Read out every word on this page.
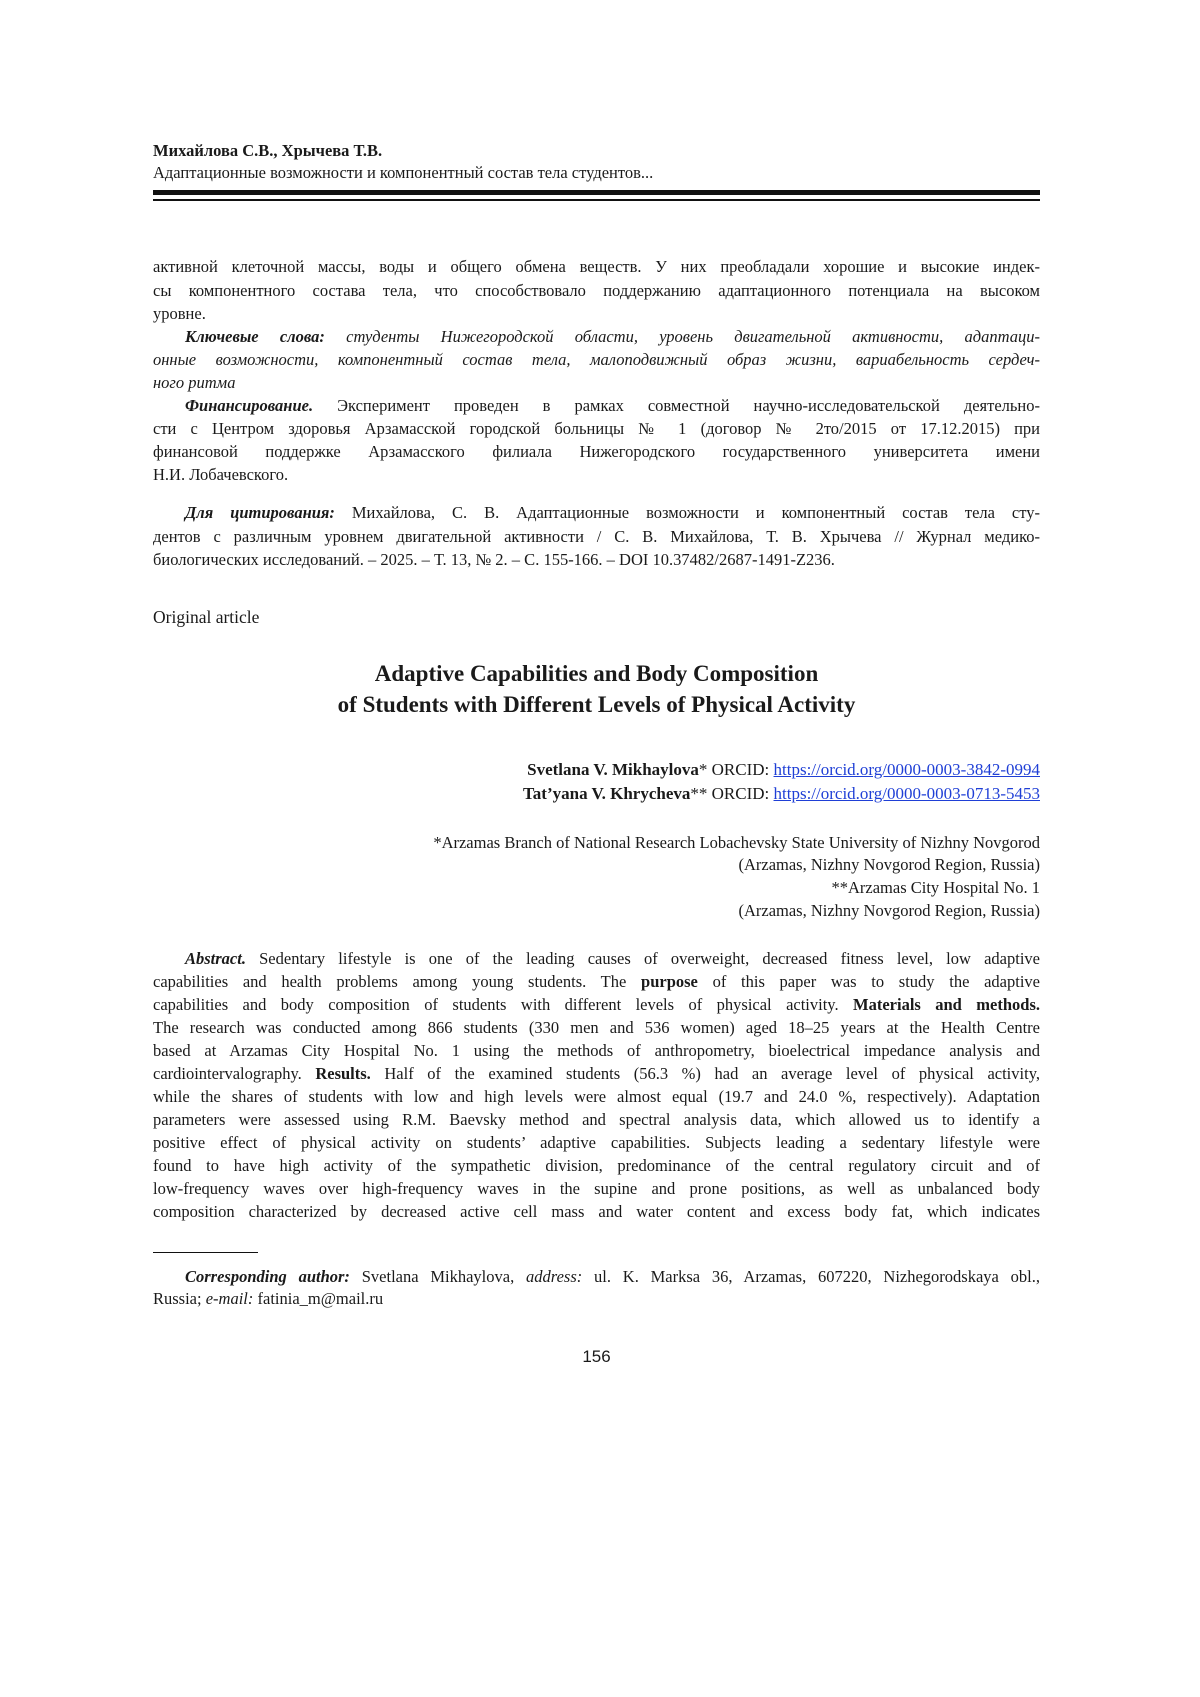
Михайлова С.В., Хрычева Т.В.
Адаптационные возможности и компонентный состав тела студентов...
Original article
Adaptive Capabilities and Body Composition
of Students with Different Levels of Physical Activity
Svetlana V. Mikhaylova* ORCID: https://orcid.org/0000-0003-3842-0994
Tat’yana V. Khrycheva** ORCID: https://orcid.org/0000-0003-0713-5453
*Arzamas Branch of National Research Lobachevsky State University of Nizhny Novgorod
(Arzamas, Nizhny Novgorod Region, Russia)
**Arzamas City Hospital No. 1
(Arzamas, Nizhny Novgorod Region, Russia)
156
активной клеточной массы, воды и общего обмена веществ. У них преобладали хорошие и высокие индек-
сы компонентного состава тела, что способствовало поддержанию адаптационного потенциала на высоком
уровне.
Ключевые слова: студенты Нижегородской области, уровень двигательной активности, адаптаци-
онные возможности, компонентный состав тела, малоподвижный образ жизни, вариабельность сердеч-
ного ритма
Финансирование. Эксперимент проведен в рамках совместной научно-исследовательской деятельно-
сти с Центром здоровья Арзамасской городской больницы № 1 (договор № 2то/2015 от 17.12.2015) при
финансовой поддержке Арзамасского филиала Нижегородского государственного университета имени
Н.И. Лобачевского.
Для цитирования: Михайлова, С. В. Адаптационные возможности и компонентный состав тела сту-
дентов с различным уровнем двигательной активности / С. В. Михайлова, Т. В. Хрычева // Журнал медико-
биологических исследований. – 2025. – Т. 13, № 2. – С. 155-166. – DOI 10.37482/2687-1491-Z236.
Abstract. Sedentary lifestyle is one of the leading causes of overweight, decreased fitness level, low adaptive
capabilities and health problems among young students. The purpose of this paper was to study the adaptive
capabilities and body composition of students with different levels of physical activity. Materials and methods.
The research was conducted among 866 students (330 men and 536 women) aged 18–25 years at the Health Centre
based at Arzamas City Hospital No. 1 using the methods of anthropometry, bioelectrical impedance analysis and
cardiointervalography. Results. Half of the examined students (56.3 %) had an average level of physical activity,
while the shares of students with low and high levels were almost equal (19.7 and 24.0 %, respectively). Adaptation
parameters were assessed using R.M. Baevsky method and spectral analysis data, which allowed us to identify a
positive effect of physical activity on students’ adaptive capabilities. Subjects leading a sedentary lifestyle were
found to have high activity of the sympathetic division, predominance of the central regulatory circuit and of
low-frequency waves over high-frequency waves in the supine and prone positions, as well as unbalanced body
composition characterized by decreased active cell mass and water content and excess body fat, which indicates
Corresponding author: Svetlana Mikhaylova, address: ul. K. Marksa 36, Arzamas, 607220, Nizhegorodskaya obl.,
Russia; e-mail: fatinia_m@mail.ru
